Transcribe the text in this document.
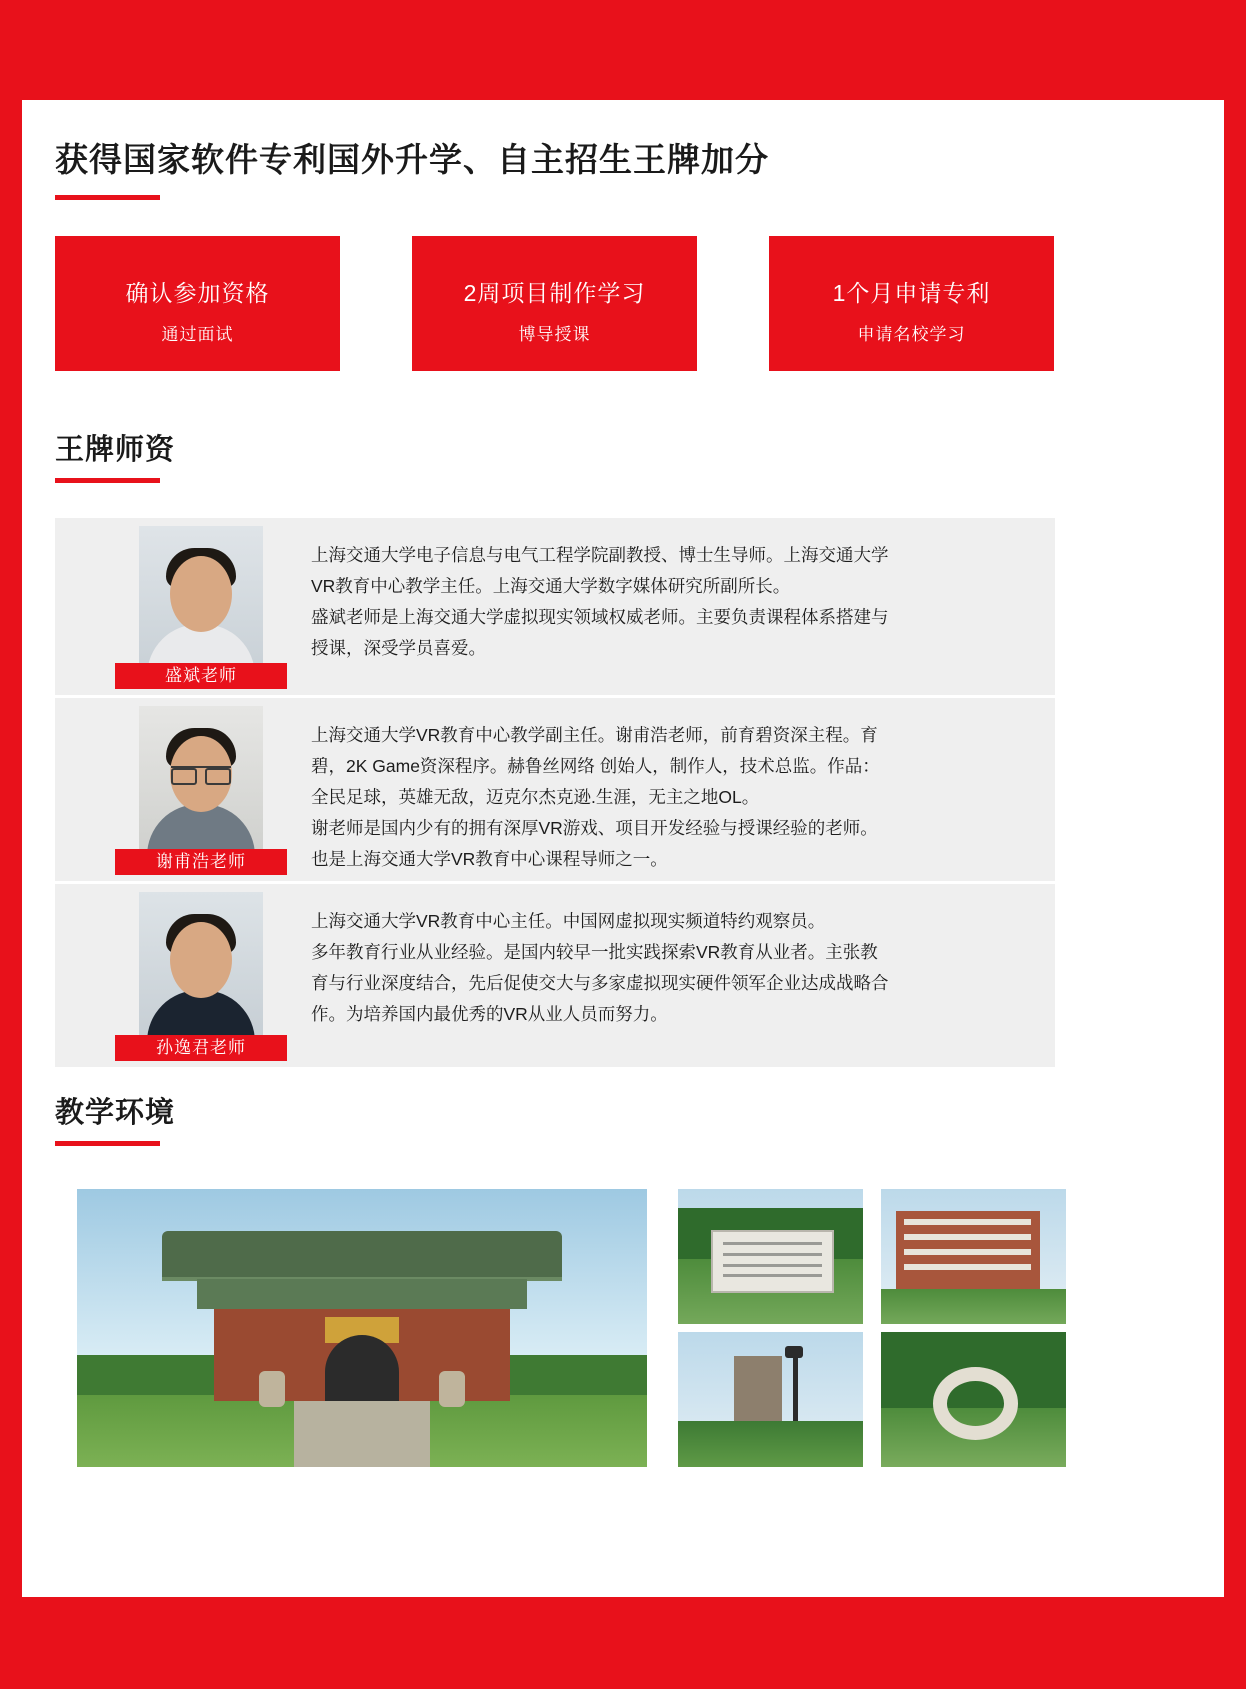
获得国家软件专利国外升学、自主招生王牌加分
确认参加资格
通过面试
2周项目制作学习
博导授课
1个月申请专利
申请名校学习
王牌师资
盛斌老师

上海交通大学电子信息与电气工程学院副教授、博士生导师。上海交通大学

VR教育中心教学主任。上海交通大学数字媒体研究所副所长。

盛斌老师是上海交通大学虚拟现实领域权威老师。主要负责课程体系搭建与

授课，深受学员喜爱。

谢甫浩老师

上海交通大学VR教育中心教学副主任。谢甫浩老师，前育碧资深主程。育

碧，2K Game资深程序。赫鲁丝网络 创始人，制作人，技术总监。作品：

全民足球，英雄无敌，迈克尔杰克逊.生涯，无主之地OL。

谢老师是国内少有的拥有深厚VR游戏、项目开发经验与授课经验的老师。

也是上海交通大学VR教育中心课程导师之一。

孙逸君老师

上海交通大学VR教育中心主任。中国网虚拟现实频道特约观察员。

多年教育行业从业经验。是国内较早一批实践探索VR教育从业者。主张教

育与行业深度结合，先后促使交大与多家虚拟现实硬件领军企业达成战略合

作。为培养国内最优秀的VR从业人员而努力。

教学环境
